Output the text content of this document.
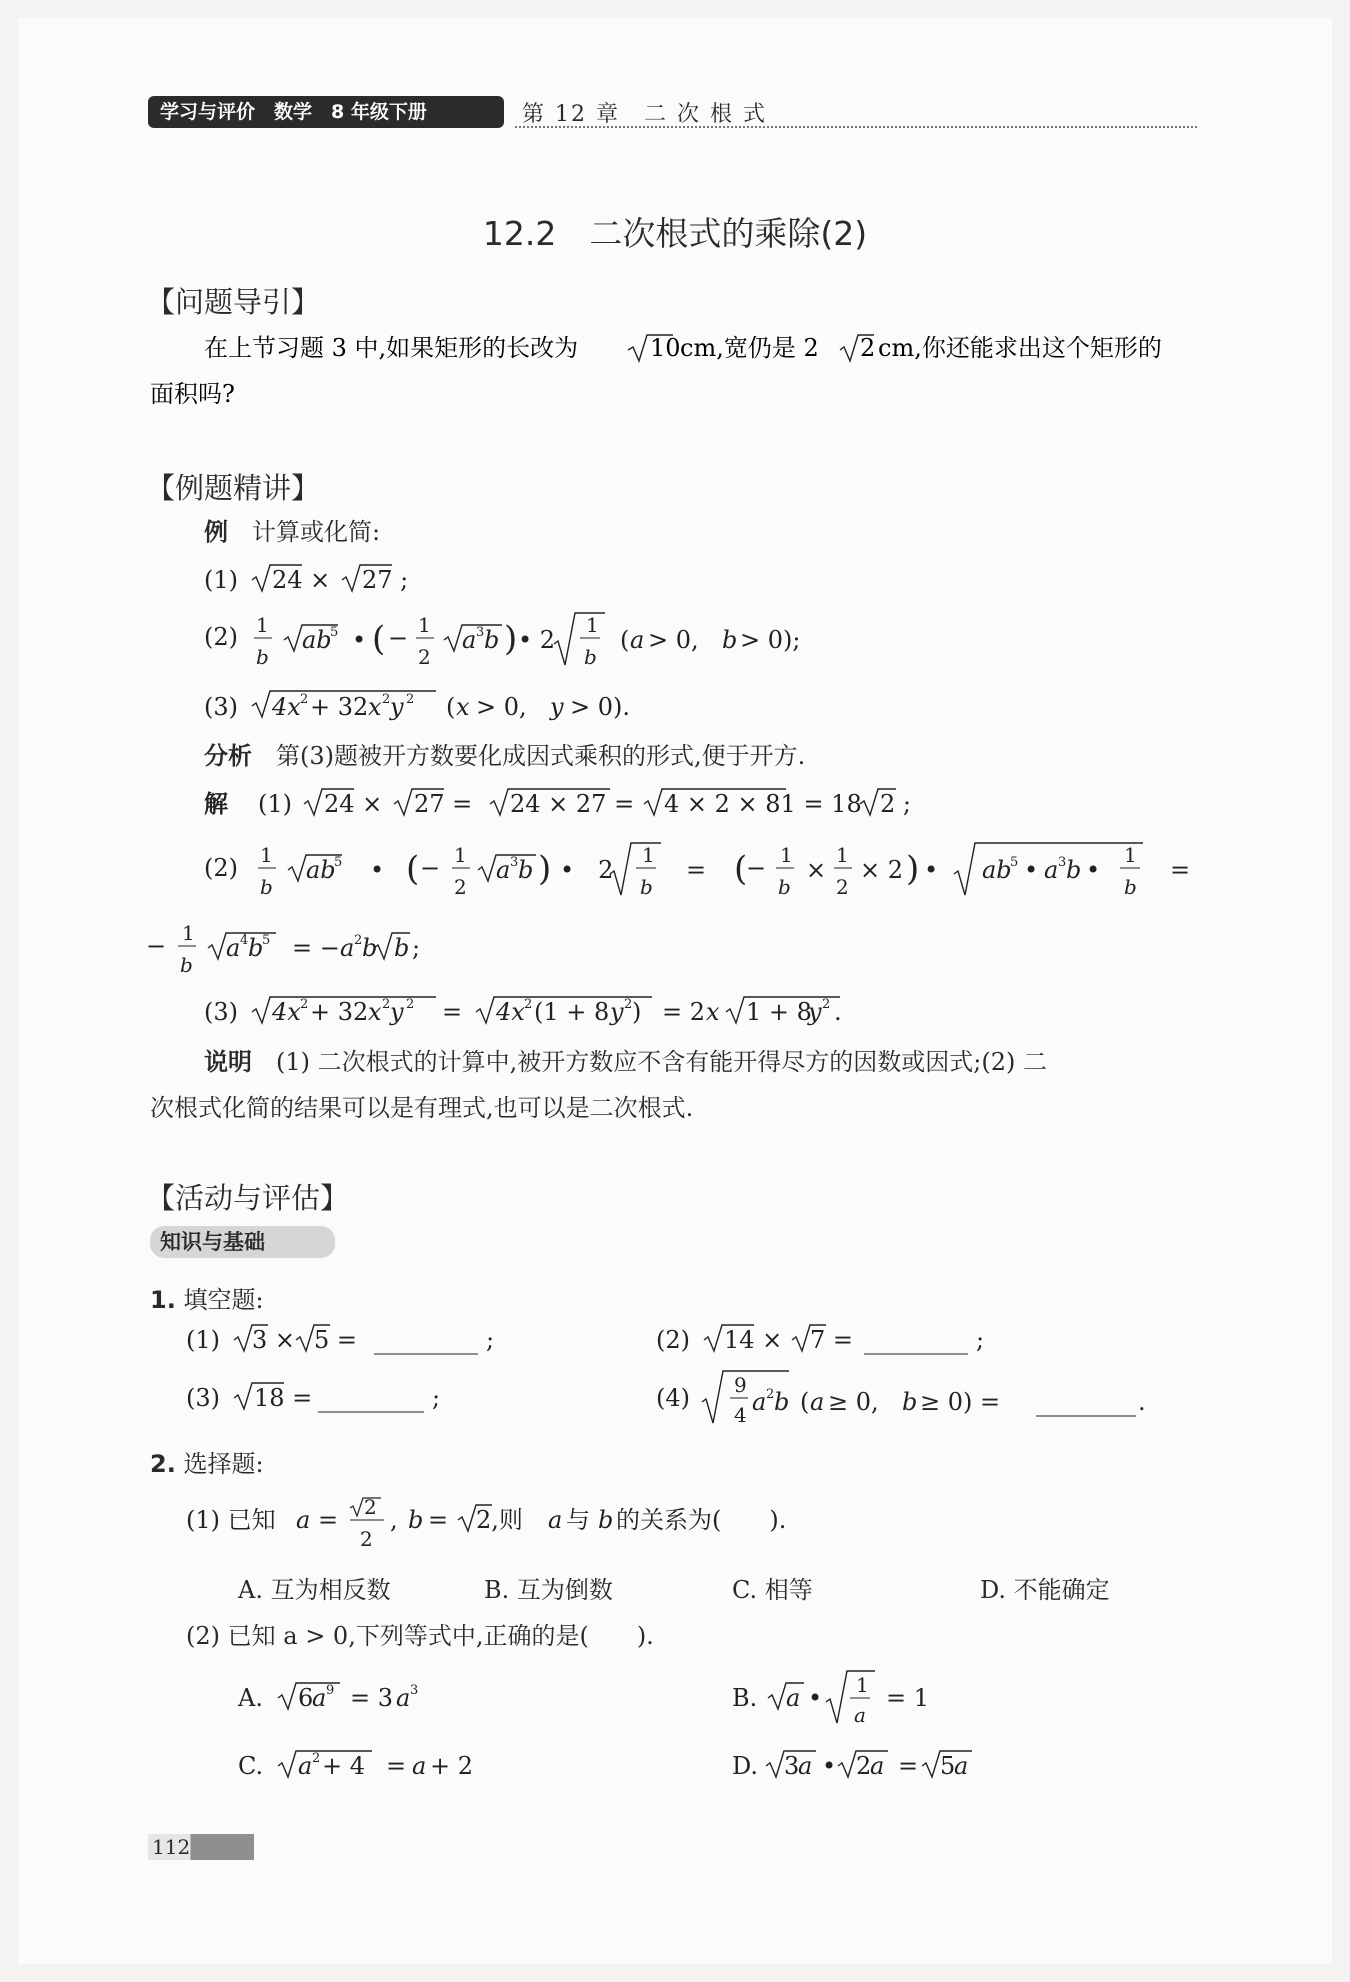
学习与评价　数学　8 年级下册	第 12 章　二 次 根 式
12.2　二次根式的乘除(2)
【问题导引】
在上节习题 3 中,如果矩形的长改为	10 cm,宽仍是 2 2 cm,你还能求出这个矩形的
面积吗?
【例题精讲】
例　 计算或化简:
(1) 24 × 27 ;
(2) 1
b
ab
5 • ( − 1
2
a 3 b ) • 2
1
b
( a > 0, b > 0);
(3) 4x 2 + 32 x 2 y 2 ( x > 0, y > 0).
分析　 第(3)题被开方数要化成因式乘积的形式,便于开方.
解 (1) 24 × 27 = 24 × 27 = 4 × 2 × 81 = 18 2 ;
(2) 1
b
ab
5 • ( − 1
2
a 3 b ) •　2
1
b
= (
− 1
b
×
1
2
× 2 ) • ab
5 • a 3 b •
1
b
=
− 1
b
a 4 b
5 = − a 2 b b ;
(3) 4x 2 + 32 x 2 y 2 = 4x 2 (1 + 8 y 2 ) = 2 x 1 + 8
y 2 .
说明　 (1) 二次根式的计算中,被开方数应不含有能开得尽方的因数或因式;(2) 二
次根式化简的结果可以是有理式,也可以是二次根式.
【活动与评估】
知识与基础
1. 填空题:
(1) 3 × 5 =	;	(2) 14 × 7 =	;
(3) 18 =	;	(4) 9
4 a 2 b ( a ≥ 0, b ≥ 0) =	.
2. 选择题:
(1) 已知 a = 2
2
, b = 2,则 a 与 b 的关系为(　　).
A. 互为相反数	B. 互为倒数	C. 相等	D. 不能确定
(2) 已知 a > 0,下列等式中,正确的是(　　).
A. 6
a 9 = 3 a 3	B. a • 1
a
= 1
C. a 2 + 4 = a + 2	D. 3
a • 2
a = 5
a
112
